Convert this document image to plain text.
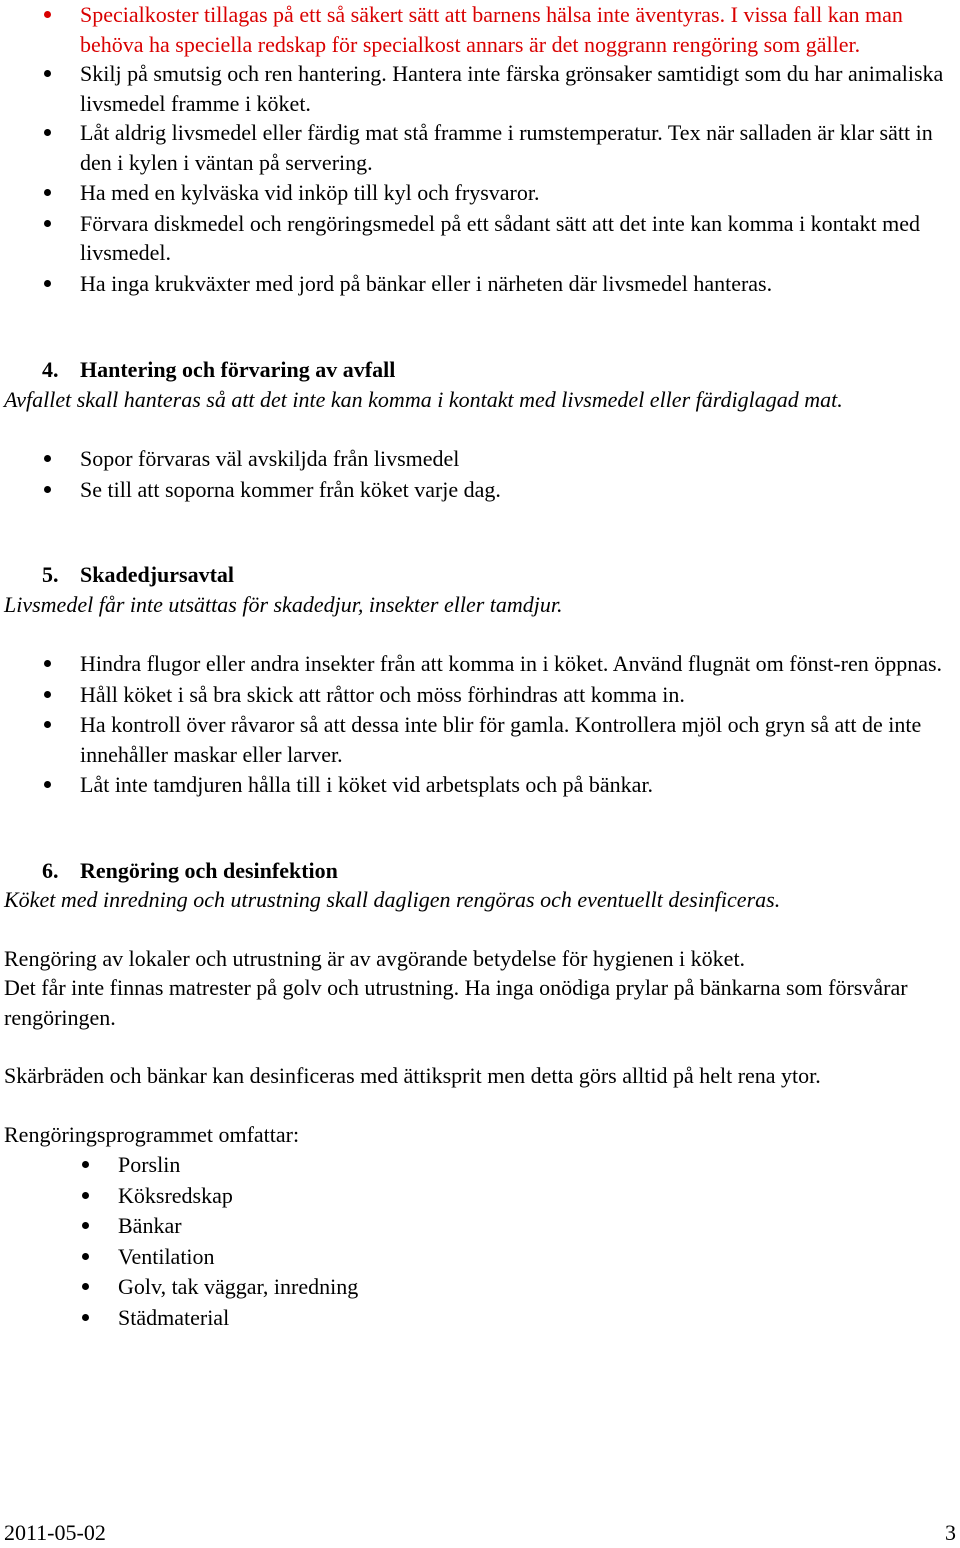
Specialkoster tillagas på ett så säkert sätt att barnens hälsa inte äventyras. I vissa fall kan man behöva ha speciella redskap för specialkost annars är det noggrann rengöring som gäller.
Skilj på smutsig och ren hantering. Hantera inte färska grönsaker samtidigt som du har animaliska livsmedel framme i köket.
Låt aldrig livsmedel eller färdig mat stå framme i rumstemperatur. Tex när salladen är klar sätt in den i kylen i väntan på servering.
Ha med en kylväska vid inköp till kyl och frysvaror.
Förvara diskmedel och rengöringsmedel på ett sådant sätt att det inte kan komma i kontakt med livsmedel.
Ha inga krukväxter med jord på bänkar eller i närheten där livsmedel hanteras.
4. Hantering och förvaring av avfall

Avfallet skall hanteras så att det inte kan komma i kontakt med livsmedel eller färdiglagad mat.

Sopor förvaras väl avskiljda från livsmedel
Se till att soporna kommer från köket varje dag.
5. Skadedjursavtal

Livsmedel får inte utsättas för skadedjur, insekter eller tamdjur.

Hindra flugor eller andra insekter från att komma in i köket. Använd flugnät om fönst-ren öppnas.
Håll köket i så bra skick att råttor och möss förhindras att komma in.
Ha kontroll över råvaror så att dessa inte blir för gamla. Kontrollera mjöl och gryn så att de inte innehåller maskar eller larver.
Låt inte tamdjuren hålla till i köket vid arbetsplats och på bänkar.
6. Rengöring och desinfektion

Köket med inredning och utrustning skall dagligen rengöras och eventuellt desinficeras.

Rengöring av lokaler och utrustning är av avgörande betydelse för hygienen i köket.

Det får inte finnas matrester på golv och utrustning. Ha inga onödiga prylar på bänkarna som försvårar rengöringen.

Skärbräden och bänkar kan desinficeras med ättiksprit men detta görs alltid på helt rena ytor.

Rengöringsprogrammet omfattar:

Porslin
Köksredskap
Bänkar
Ventilation
Golv, tak väggar, inredning
Städmaterial
2011-05-02	3
